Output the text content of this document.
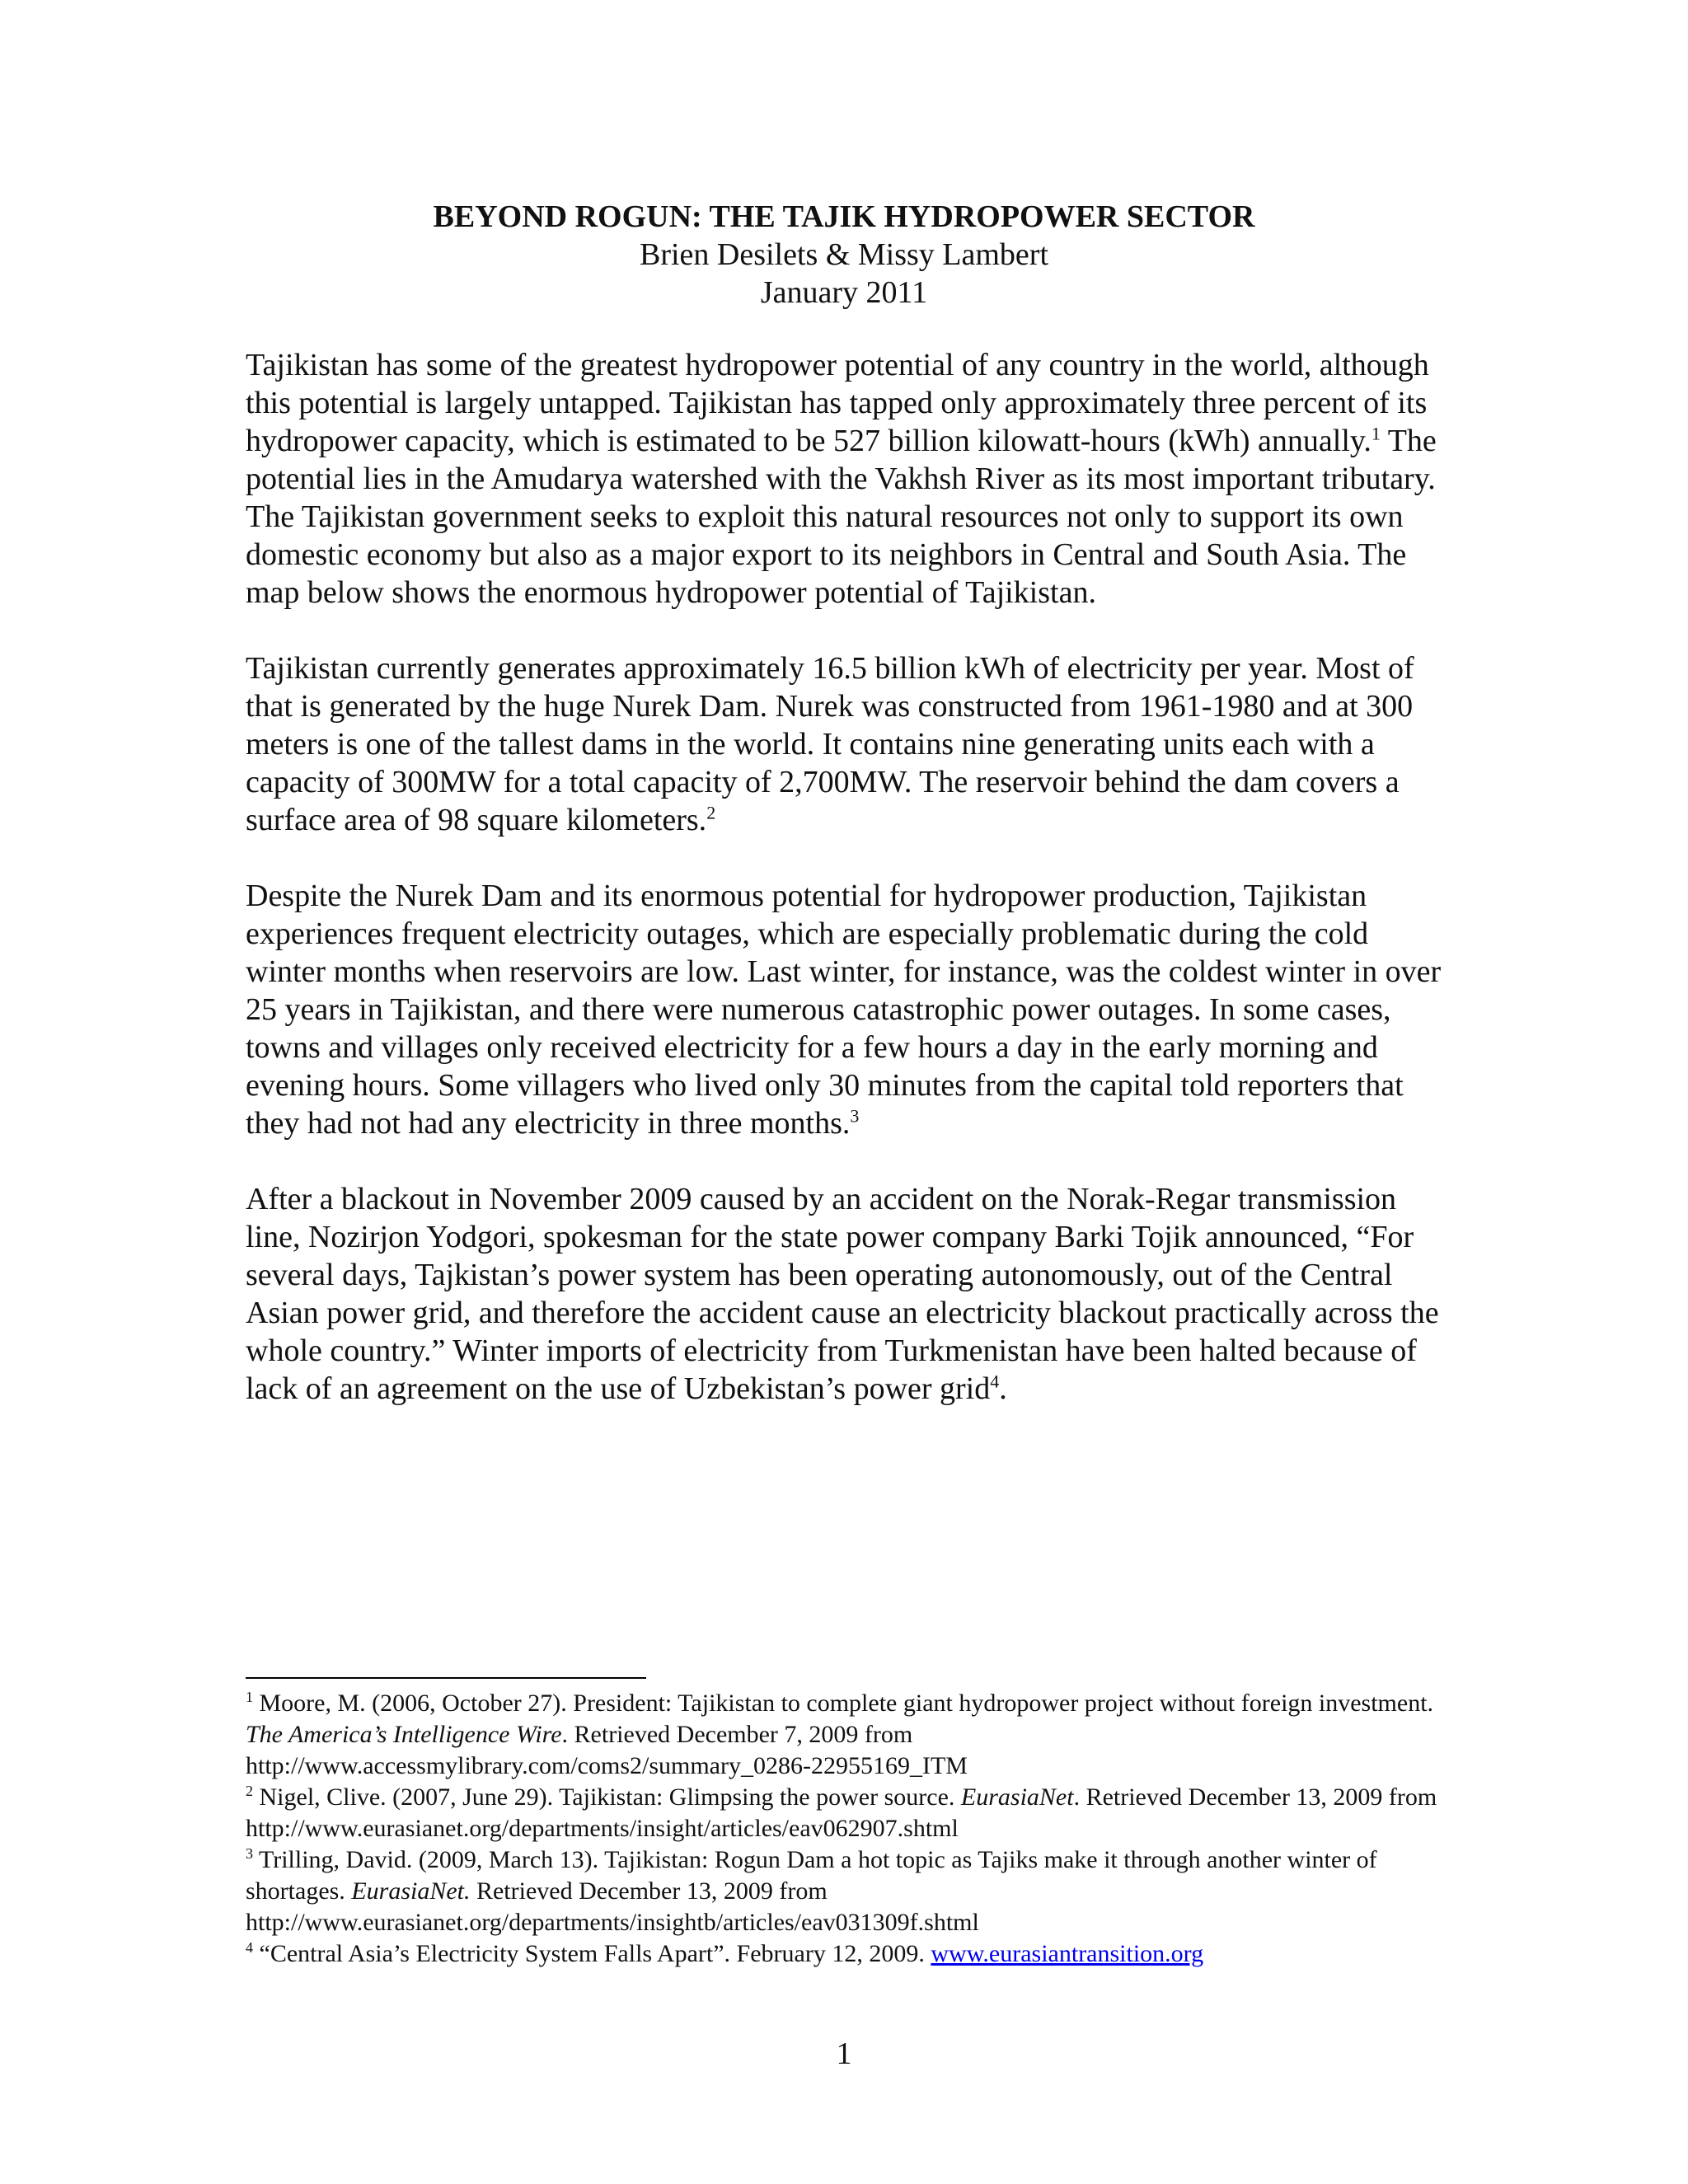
BEYOND ROGUN: THE TAJIK HYDROPOWER SECTOR
Brien Desilets & Missy Lambert
January 2011

Tajikistan has some of the greatest hydropower potential of any country in the world, although this potential is largely untapped. Tajikistan has tapped only approximately three percent of its hydropower capacity, which is estimated to be 527 billion kilowatt-hours (kWh) annually.$^1$ The potential lies in the Amudarya watershed with the Vakhsh River as its most important tributary. The Tajikistan government seeks to exploit this natural resources not only to support its own domestic economy but also as a major export to its neighbors in Central and South Asia. The map below shows the enormous hydropower potential of Tajikistan.

Tajikistan currently generates approximately 16.5 billion kWh of electricity per year. Most of that is generated by the huge Nurek Dam. Nurek was constructed from 1961-1980 and at 300 meters is one of the tallest dams in the world. It contains nine generating units each with a capacity of 300MW for a total capacity of 2,700MW. The reservoir behind the dam covers a surface area of 98 square kilometers.$^2$

Despite the Nurek Dam and its enormous potential for hydropower production, Tajikistan experiences frequent electricity outages, which are especially problematic during the cold winter months when reservoirs are low. Last winter, for instance, was the coldest winter in over 25 years in Tajikistan, and there were numerous catastrophic power outages. In some cases, towns and villages only received electricity for a few hours a day in the early morning and evening hours. Some villagers who lived only 30 minutes from the capital told reporters that they had not had any electricity in three months.$^3$

After a blackout in November 2009 caused by an accident on the Norak-Regar transmission line, Nozirjon Yodgori, spokesman for the state power company Barki Tojik announced, “For several days, Tajkistan’s power system has been operating autonomously, out of the Central Asian power grid, and therefore the accident cause an electricity blackout practically across the whole country.” Winter imports of electricity from Turkmenistan have been halted because of lack of an agreement on the use of Uzbekistan’s power grid$^4$.

$^1$ Moore, M. (2006, October 27). President: Tajikistan to complete giant hydropower project without foreign investment. The America’s Intelligence Wire. Retrieved December 7, 2009 from http://www.accessmylibrary.com/coms2/summary_0286-22955169_ITM

$^2$ Nigel, Clive. (2007, June 29). Tajikistan: Glimpsing the power source. EurasiaNet. Retrieved December 13, 2009 from http://www.eurasianet.org/departments/insight/articles/eav062907.shtml

$^3$ Trilling, David. (2009, March 13). Tajikistan: Rogun Dam a hot topic as Tajiks make it through another winter of shortages. EurasiaNet. Retrieved December 13, 2009 from http://www.eurasianet.org/departments/insightb/articles/eav031309f.shtml

$^4$ “Central Asia’s Electricity System Falls Apart”. February 12, 2009. www.eurasiantransition.org

1
